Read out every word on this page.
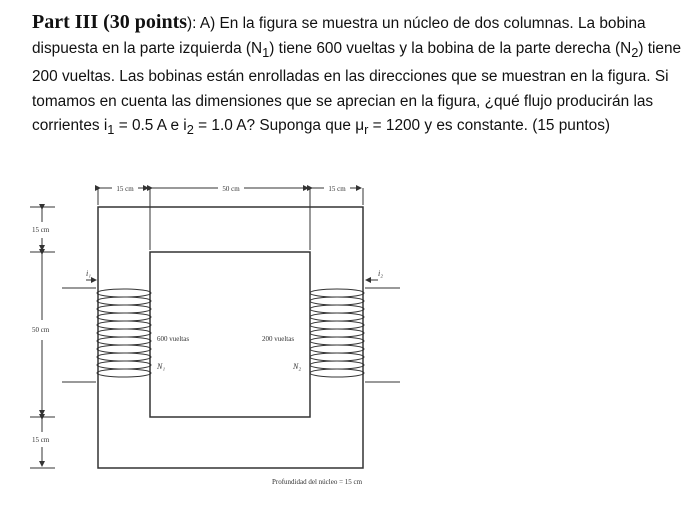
Part III (30 points): A) En la figura se muestra un núcleo de dos columnas. La bobina dispuesta en la parte izquierda $(N_1)$ tiene 600 vueltas y la bobina de la parte derecha $(N_2)$ tiene 200 vueltas. Las bobinas están enrolladas en las direcciones que se muestran en la figura. Si tomamos en cuenta las dimensiones que se aprecian en la figura, ¿qué flujo producirán las corrientes $i_1 = 0.5$ A e $i_2 = 1.0$ A? Suponga que $\mu_r = 1200$ y es constante. (15 puntos)
15 cm	50 cm	15 cm
15 cm
50 cm
15 cm
i₁
600 vueltas
N₁
i₂
200 vueltas
N₂
Profundidad del núcleo = 15 cm
